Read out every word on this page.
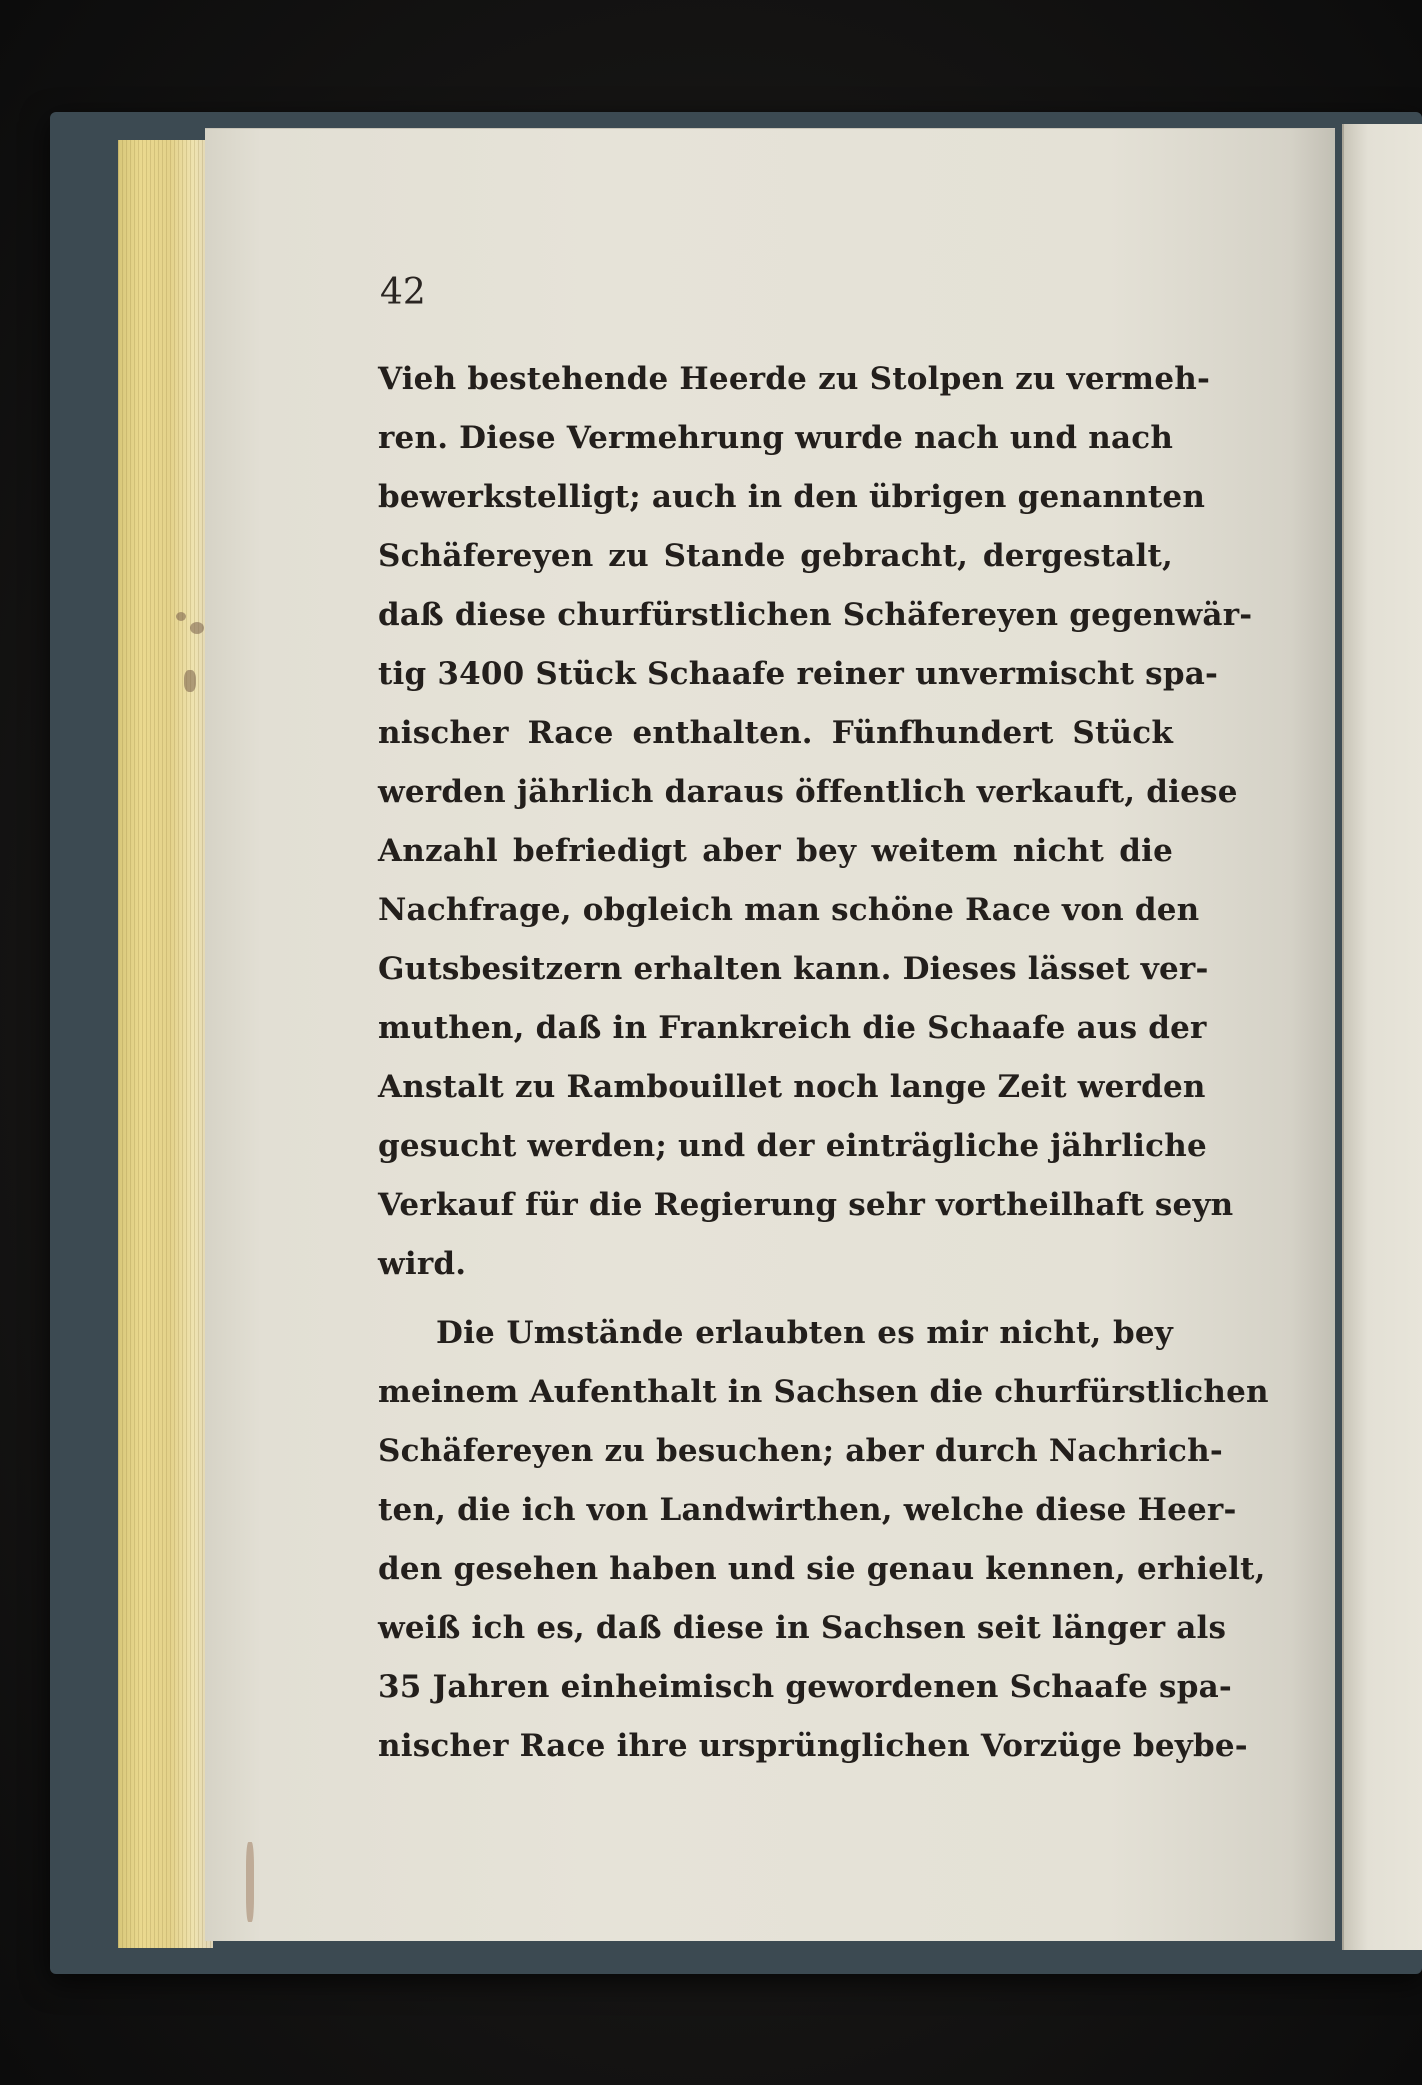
42
Vieh bestehende Heerde zu Stolpen zu vermeh-
ren. Diese Vermehrung wurde nach und nach
bewerkstelligt; auch in den übrigen genannten
Schäfereyen zu Stande gebracht, dergestalt,
daß diese churfürstlichen Schäfereyen gegenwär-
tig 3400 Stück Schaafe reiner unvermischt spa-
nischer Race enthalten. Fünfhundert Stück
werden jährlich daraus öffentlich verkauft, diese
Anzahl befriedigt aber bey weitem nicht die
Nachfrage, obgleich man schöne Race von den
Gutsbesitzern erhalten kann. Dieses lässet ver-
muthen, daß in Frankreich die Schaafe aus der
Anstalt zu Rambouillet noch lange Zeit werden
gesucht werden; und der einträgliche jährliche
Verkauf für die Regierung sehr vortheilhaft seyn
wird.
Die Umstände erlaubten es mir nicht, bey
meinem Aufenthalt in Sachsen die churfürstlichen
Schäfereyen zu besuchen; aber durch Nachrich-
ten, die ich von Landwirthen, welche diese Heer-
den gesehen haben und sie genau kennen, erhielt,
weiß ich es, daß diese in Sachsen seit länger als
35 Jahren einheimisch gewordenen Schaafe spa-
nischer Race ihre ursprünglichen Vorzüge beybe-
